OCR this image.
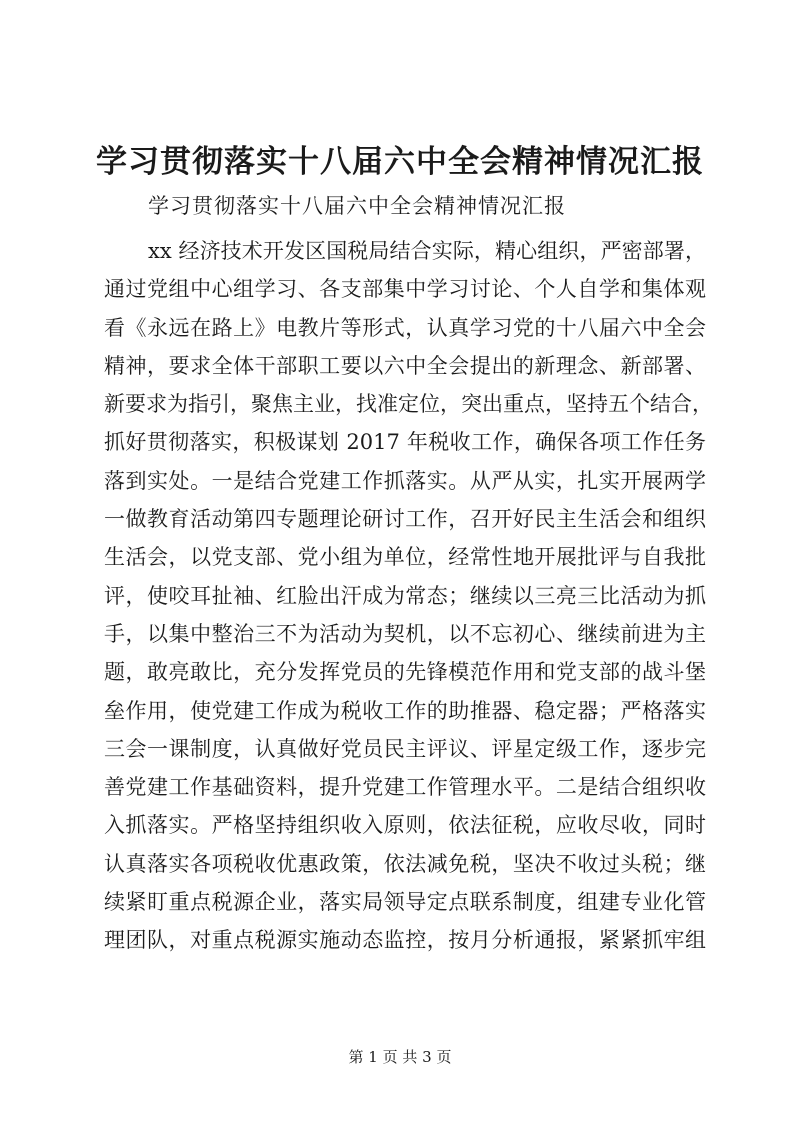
学习贯彻落实十八届六中全会精神情况汇报
学习贯彻落实十八届六中全会精神情况汇报
xx 经济技术开发区国税局结合实际，精心组织，严密部署，
通过党组中心组学习、各支部集中学习讨论、个人自学和集体观
看《永远在路上》电教片等形式，认真学习党的十八届六中全会
精神，要求全体干部职工要以六中全会提出的新理念、新部署、
新要求为指引，聚焦主业，找准定位，突出重点，坚持五个结合，
抓好贯彻落实，积极谋划 2017 年税收工作，确保各项工作任务
落到实处。一是结合党建工作抓落实。从严从实，扎实开展两学
一做教育活动第四专题理论研讨工作，召开好民主生活会和组织
生活会，以党支部、党小组为单位，经常性地开展批评与自我批
评，使咬耳扯袖、红脸出汗成为常态；继续以三亮三比活动为抓
手，以集中整治三不为活动为契机，以不忘初心、继续前进为主
题，敢亮敢比，充分发挥党员的先锋模范作用和党支部的战斗堡
垒作用，使党建工作成为税收工作的助推器、稳定器；严格落实
三会一课制度，认真做好党员民主评议、评星定级工作，逐步完
善党建工作基础资料，提升党建工作管理水平。二是结合组织收
入抓落实。严格坚持组织收入原则，依法征税，应收尽收，同时
认真落实各项税收优惠政策，依法减免税，坚决不收过头税；继
续紧盯重点税源企业，落实局领导定点联系制度，组建专业化管
理团队，对重点税源实施动态监控，按月分析通报，紧紧抓牢组
第 1 页 共 3 页
